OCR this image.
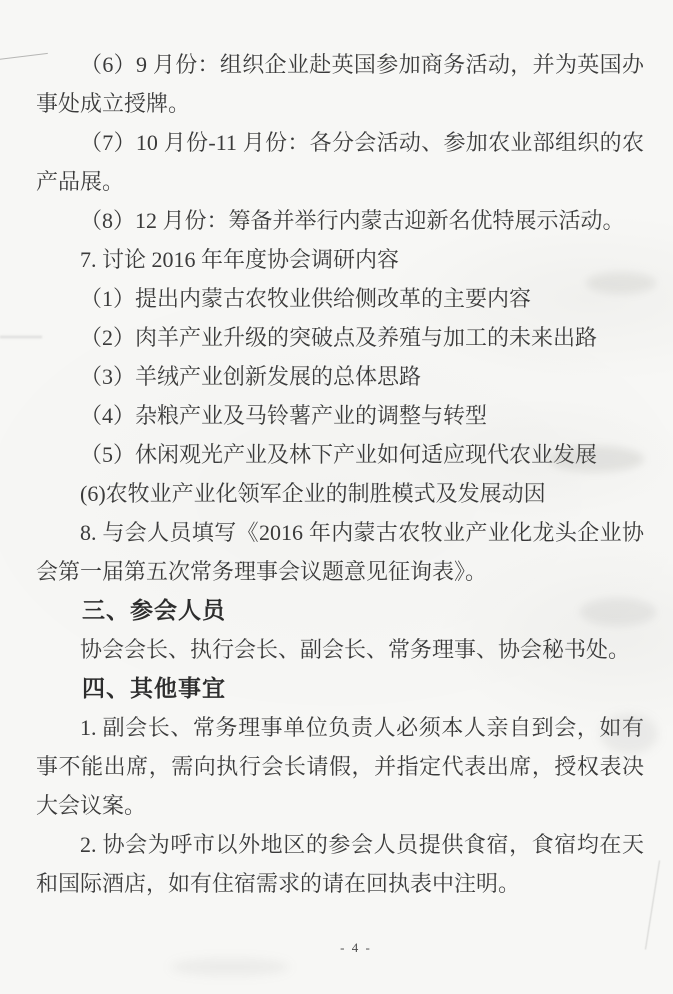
（6）9 月份：组织企业赴英国参加商务活动，并为英国办事处成立授牌。

（7）10 月份-11 月份：各分会活动、参加农业部组织的农产品展。

（8）12 月份：筹备并举行内蒙古迎新名优特展示活动。

7. 讨论 2016 年年度协会调研内容

（1）提出内蒙古农牧业供给侧改革的主要内容

（2）肉羊产业升级的突破点及养殖与加工的未来出路

（3）羊绒产业创新发展的总体思路

（4）杂粮产业及马铃薯产业的调整与转型

（5）休闲观光产业及林下产业如何适应现代农业发展

(6)农牧业产业化领军企业的制胜模式及发展动因

8. 与会人员填写《2016 年内蒙古农牧业产业化龙头企业协会第一届第五次常务理事会议题意见征询表》。

三、参会人员

协会会长、执行会长、副会长、常务理事、协会秘书处。

四、其他事宜

1. 副会长、常务理事单位负责人必须本人亲自到会，如有事不能出席，需向执行会长请假，并指定代表出席，授权表决大会议案。

2. 协会为呼市以外地区的参会人员提供食宿，食宿均在天和国际酒店，如有住宿需求的请在回执表中注明。

- 4 -
